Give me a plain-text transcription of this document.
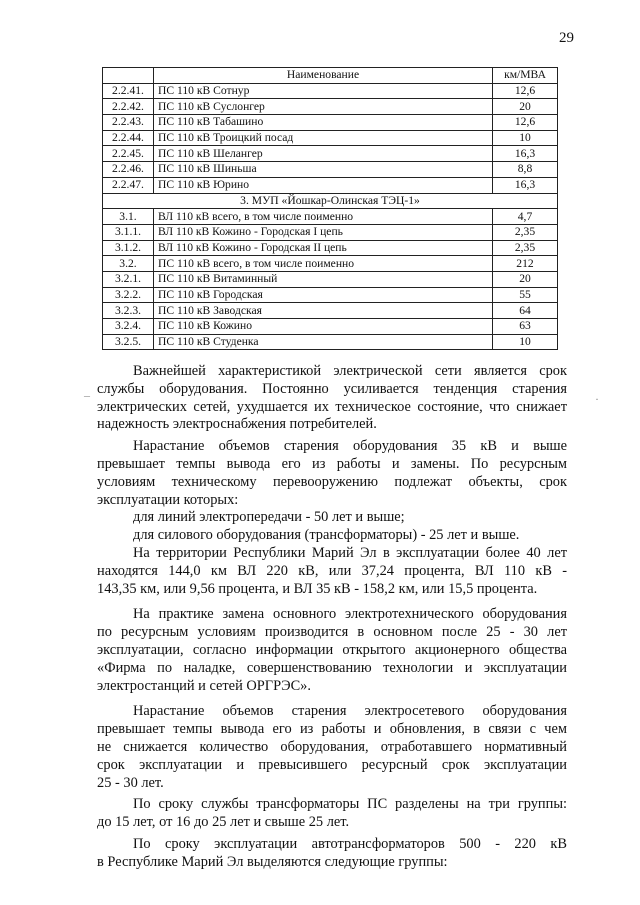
29
	Наименование	км/МВА
2.2.41.	ПС 110 кВ Сотнур	12,6
2.2.42.	ПС 110 кВ Суслонгер	20
2.2.43.	ПС 110 кВ Табашино	12,6
2.2.44.	ПС 110 кВ Троицкий посад	10
2.2.45.	ПС 110 кВ Шелангер	16,3
2.2.46.	ПС 110 кВ Шиньша	8,8
2.2.47.	ПС 110 кВ Юрино	16,3
3. МУП «Йошкар-Олинская ТЭЦ-1»		
3.1.	ВЛ 110 кВ всего, в том числе поименно	4,7
3.1.1.	ВЛ 110 кВ Кожино - Городская I цепь	2,35
3.1.2.	ВЛ 110 кВ Кожино - Городская II цепь	2,35
3.2.	ПС 110 кВ всего, в том числе поименно	212
3.2.1.	ПС 110 кВ Витаминный	20
3.2.2.	ПС 110 кВ Городская	55
3.2.3.	ПС 110 кВ Заводская	64
3.2.4.	ПС 110 кВ Кожино	63
3.2.5.	ПС 110 кВ Студенка	10

Важнейшей характеристикой электрической сети является срок
службы оборудования. Постоянно усиливается тенденция старения
электрических сетей, ухудшается их техническое состояние, что снижает
надежность электроснабжения потребителей.

Нарастание объемов старения оборудования 35 кВ и выше
превышает темпы вывода его из работы и замены. По ресурсным
условиям техническому перевооружению подлежат объекты, срок
эксплуатации которых:

для линий электропередачи - 50 лет и выше;

для силового оборудования (трансформаторы) - 25 лет и выше.

На территории Республики Марий Эл в эксплуатации более 40 лет
находятся 144,0 км ВЛ 220 кВ, или 37,24 процента, ВЛ 110 кВ -
143,35 км, или 9,56 процента, и ВЛ 35 кВ - 158,2 км, или 15,5 процента.

На практике замена основного электротехнического оборудования
по ресурсным условиям производится в основном после 25 - 30 лет
эксплуатации, согласно информации открытого акционерного общества
«Фирма по наладке, совершенствованию технологии и эксплуатации
электростанций и сетей ОРГРЭС».

Нарастание объемов старения электросетевого оборудования
превышает темпы вывода его из работы и обновления, в связи с чем
не снижается количество оборудования, отработавшего нормативный
срок эксплуатации и превысившего ресурсный срок эксплуатации
25 - 30 лет.

По сроку службы трансформаторы ПС разделены на три группы:
до 15 лет, от 16 до 25 лет и свыше 25 лет.

По сроку эксплуатации автотрансформаторов 500 - 220 кВ
в Республике Марий Эл выделяются следующие группы:

–	·
